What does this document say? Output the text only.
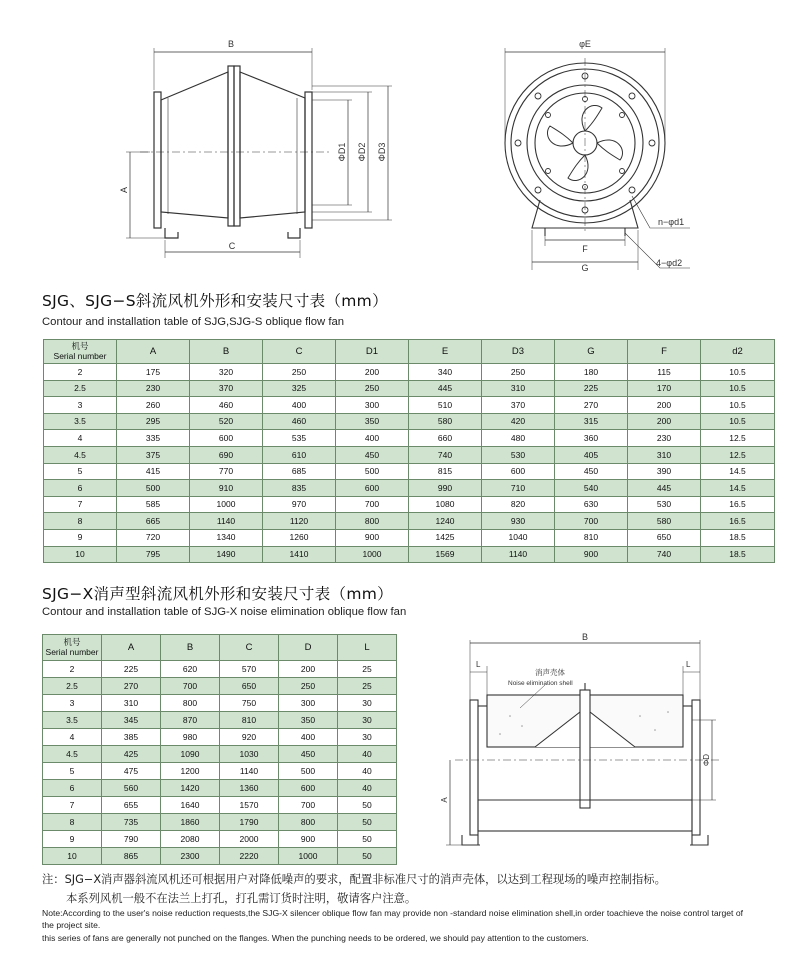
B
C
A
ΦD1 ΦD2 ΦD3
φE
F
G
n−φd1
4−φd2
SJG、SJG−S斜流风机外形和安装尺寸表（mm）
Contour and installation table of SJG,SJG-S oblique flow fan
机号
Serial number	A	B	C	D1	E	D3	G	F	d2
2	175	320	250	200	340	250	180	115	10.5
2.5	230	370	325	250	445	310	225	170	10.5
3	260	460	400	300	510	370	270	200	10.5
3.5	295	520	460	350	580	420	315	200	10.5
4	335	600	535	400	660	480	360	230	12.5
4.5	375	690	610	450	740	530	405	310	12.5
5	415	770	685	500	815	600	450	390	14.5
6	500	910	835	600	990	710	540	445	14.5
7	585	1000	970	700	1080	820	630	530	16.5
8	665	1140	1120	800	1240	930	700	580	16.5
9	720	1340	1260	900	1425	1040	810	650	18.5
10	795	1490	1410	1000	1569	1140	900	740	18.5
SJG−X消声型斜流风机外形和安装尺寸表（mm）
Contour and installation table of SJG-X noise elimination oblique flow fan
机号
Serial number	A	B	C	D	L
2	225	620	570	200	25
2.5	270	700	650	250	25
3	310	800	750	300	30
3.5	345	870	810	350	30
4	385	980	920	400	30
4.5	425	1090	1030	450	40
5	475	1200	1140	500	40
6	560	1420	1360	600	40
7	655	1640	1570	700	50
8	735	1860	1790	800	50
9	790	2080	2000	900	50
10	865	2300	2220	1000	50
B
L	L
A
ΦD
消声壳体
Noise elimination shell
注：SJG−X消声器斜流风机还可根据用户对降低噪声的要求，配置非标准尺寸的消声壳体，以达到工程现场的噪声控制指标。
本系列风机一般不在法兰上打孔，打孔需订货时注明，敬请客户注意。
Note:According to the user's noise reduction requests,the SJG-X silencer oblique flow fan may provide non -standard noise elimination shell,in order toachieve the noise control target of
the project site.
this series of fans are generally not punched on the flanges. When the punching needs to be ordered, we should pay attention to the customers.
